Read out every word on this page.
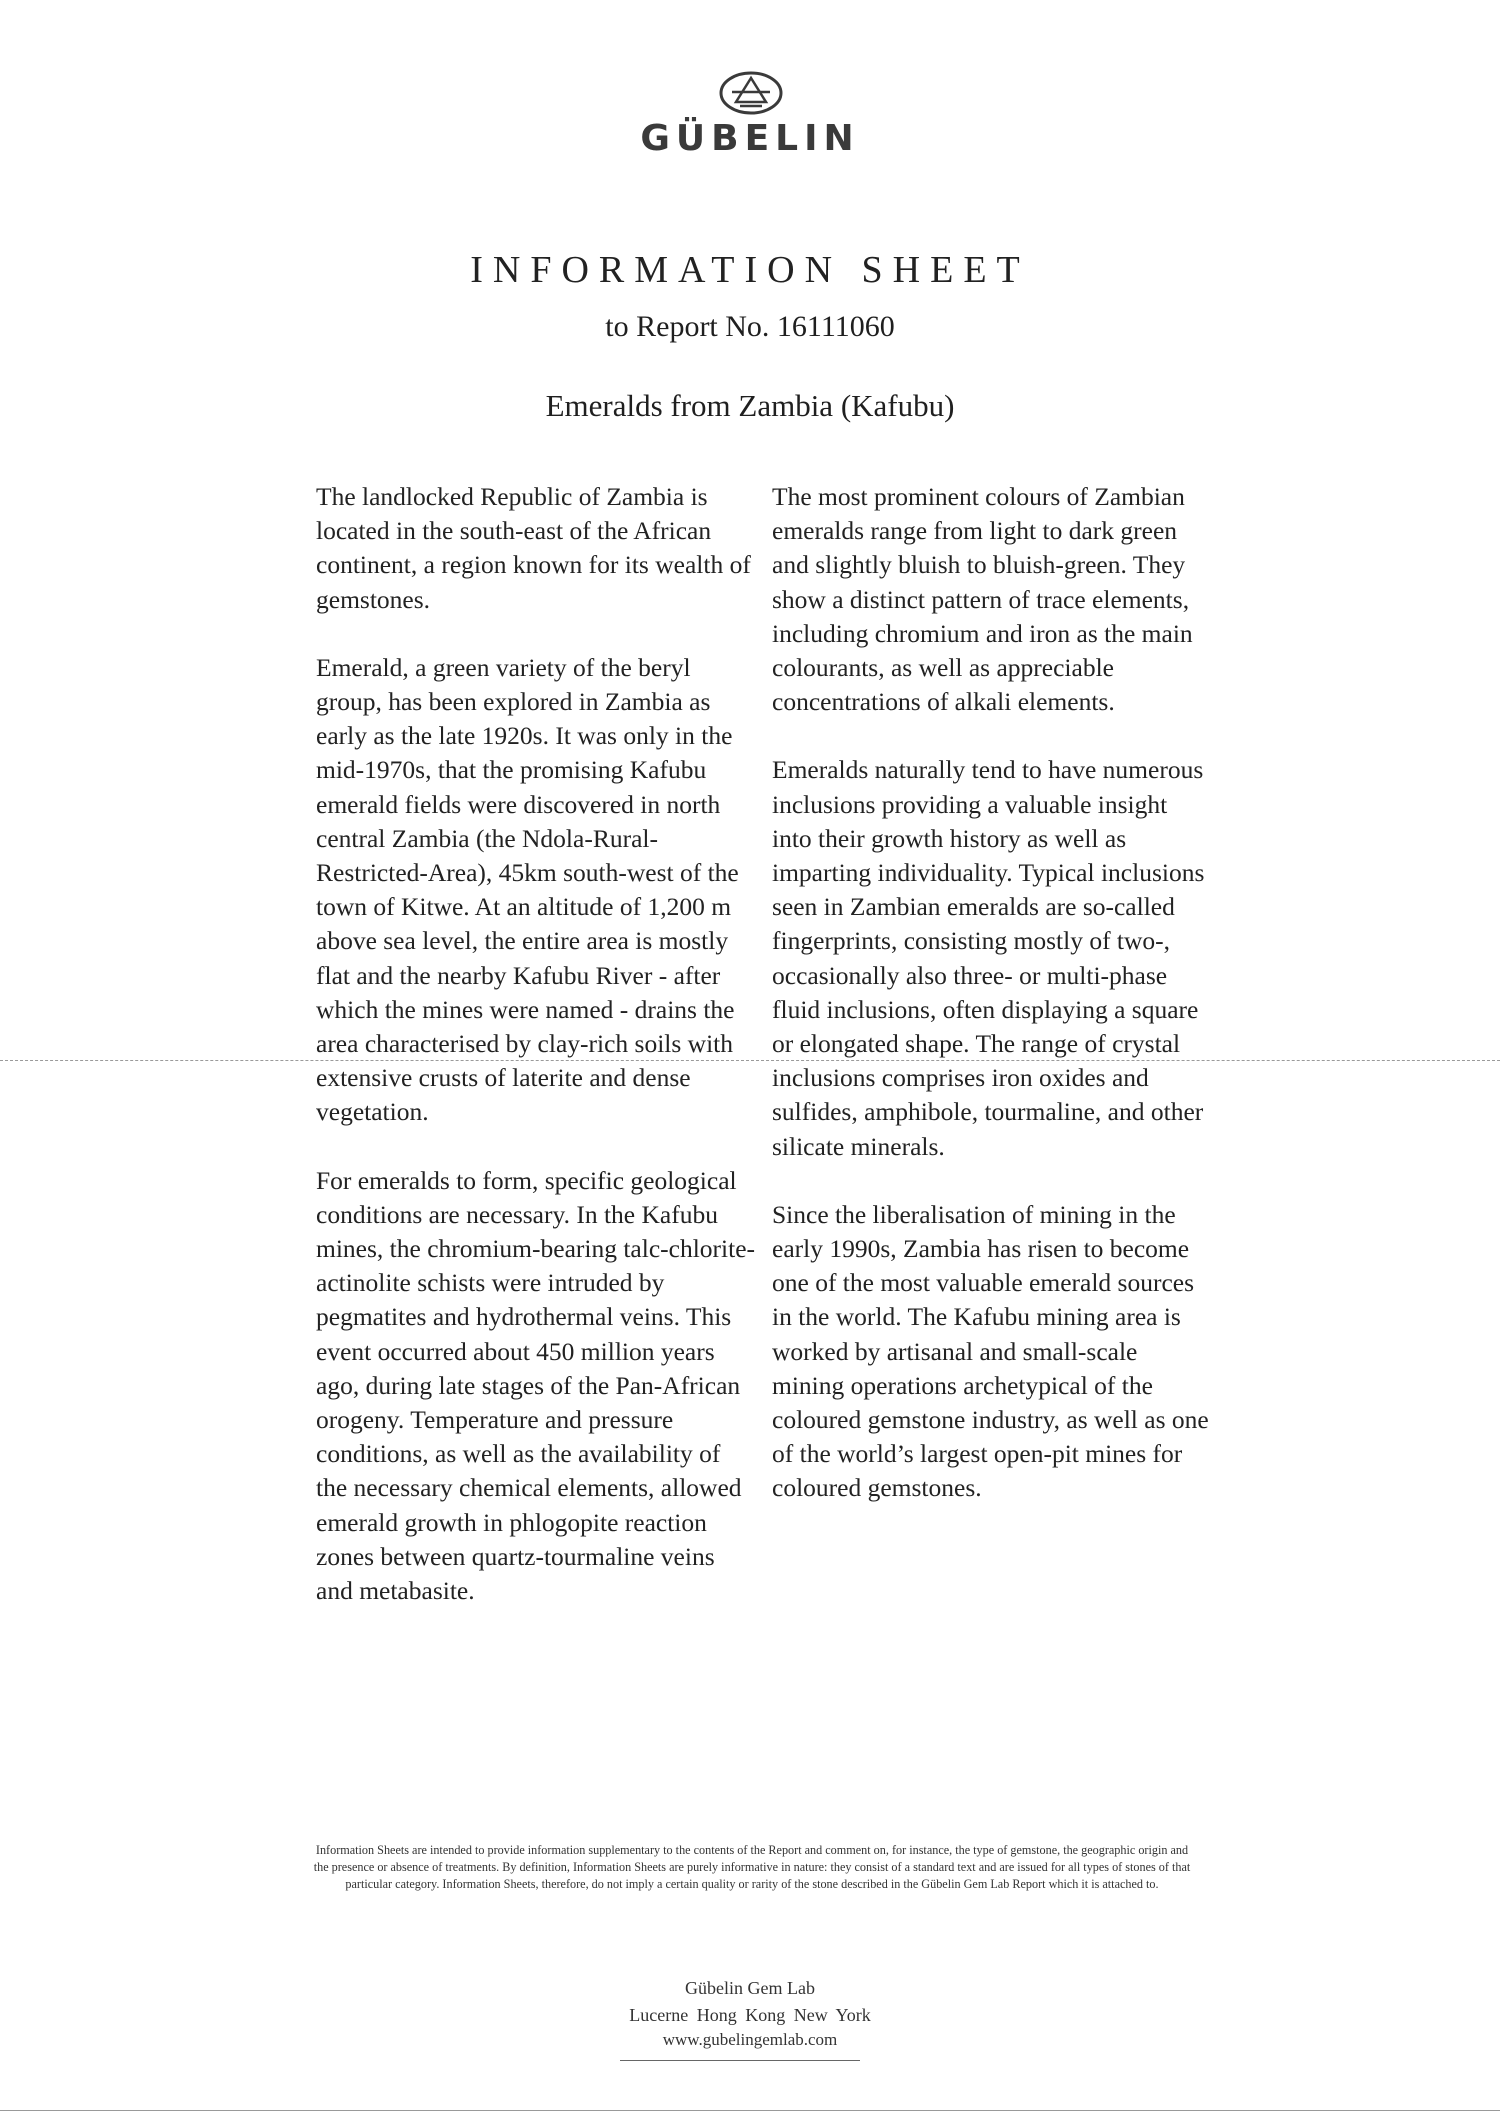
GÜBELIN
INFORMATION SHEET
to Report No. 16111060
Emeralds from Zambia (Kafubu)

The landlocked Republic of Zambia is located in the south-east of the African continent, a region known for its wealth of gemstones.

Emerald, a green variety of the beryl group, has been explored in Zambia as early as the late 1920s. It was only in the mid-1970s, that the promising Kafubu emerald fields were discovered in north central Zambia (the Ndola-Rural-Restricted-Area), 45km south-west of the town of Kitwe. At an altitude of 1,200 m above sea level, the entire area is mostly flat and the nearby Kafubu River - after which the mines were named - drains the area characterised by clay-rich soils with extensive crusts of laterite and dense vegetation.

For emeralds to form, specific geological conditions are necessary. In the Kafubu mines, the chromium-bearing talc-chlorite-actinolite schists were intruded by pegmatites and hydrothermal veins. This event occurred about 450 million years ago, during late stages of the Pan-African orogeny. Temperature and pressure conditions, as well as the availability of the necessary chemical elements, allowed emerald growth in phlogopite reaction zones between quartz-tourmaline veins and metabasite.

The most prominent colours of Zambian emeralds range from light to dark green and slightly bluish to bluish-green. They show a distinct pattern of trace elements, including chromium and iron as the main colourants, as well as appreciable concentrations of alkali elements.

Emeralds naturally tend to have numerous inclusions providing a valuable insight into their growth history as well as imparting individuality. Typical inclusions seen in Zambian emeralds are so-called fingerprints, consisting mostly of two-, occasionally also three- or multi-phase fluid inclusions, often displaying a square or elongated shape. The range of crystal inclusions comprises iron oxides and sulfides, amphibole, tourmaline, and other silicate minerals.

Since the liberalisation of mining in the early 1990s, Zambia has risen to become one of the most valuable emerald sources in the world. The Kafubu mining area is worked by artisanal and small-scale mining operations archetypical of the coloured gemstone industry, as well as one of the world’s largest open-pit mines for coloured gemstones.

Information Sheets are intended to provide information supplementary to the contents of the Report and comment on, for instance, the type of gemstone, the geographic origin and the presence or absence of treatments. By definition, Information Sheets are purely informative in nature: they consist of a standard text and are issued for all types of stones of that particular category. Information Sheets, therefore, do not imply a certain quality or rarity of the stone described in the Gübelin Gem Lab Report which it is attached to.
Gübelin Gem Lab
Lucerne Hong Kong New York
www.gubelingemlab.com
